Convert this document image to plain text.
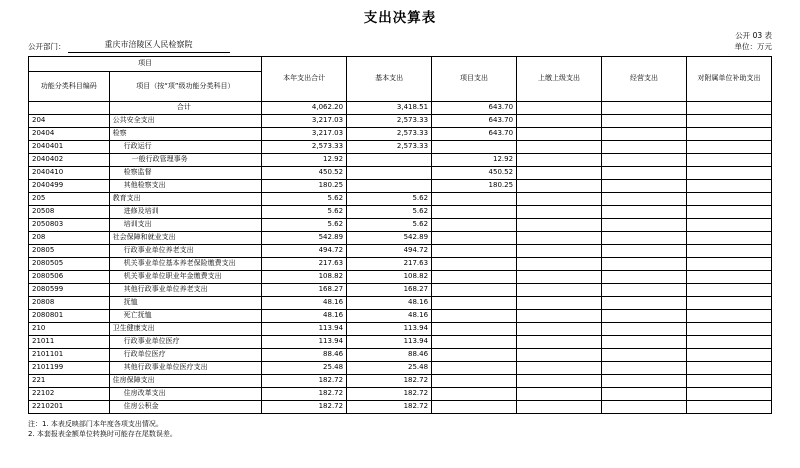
支出决算表
公开部门：	重庆市涪陵区人民检察院
公开 03 表
单位：万元
项目		本年支出合计	基本支出	项目支出	上缴上级支出	经营支出	对附属单位补助支出
功能分类科目编码	项目（按“项”级功能分类科目）						
	合计	4,062.20	3,418.51	643.70			
204	公共安全支出	3,217.03	2,573.33	643.70			
20404	检察	3,217.03	2,573.33	643.70			
2040401	行政运行	2,573.33	2,573.33				
2040402	一般行政管理事务	12.92		12.92			
2040410	检察监督	450.52		450.52			
2040499	其他检察支出	180.25		180.25			
205	教育支出	5.62	5.62				
20508	进修及培训	5.62	5.62				
2050803	培训支出	5.62	5.62				
208	社会保障和就业支出	542.89	542.89				
20805	行政事业单位养老支出	494.72	494.72				
2080505	机关事业单位基本养老保险缴费支出	217.63	217.63				
2080506	机关事业单位职业年金缴费支出	108.82	108.82				
2080599	其他行政事业单位养老支出	168.27	168.27				
20808	抚恤	48.16	48.16				
2080801	死亡抚恤	48.16	48.16				
210	卫生健康支出	113.94	113.94				
21011	行政事业单位医疗	113.94	113.94				
2101101	行政单位医疗	88.46	88.46				
2101199	其他行政事业单位医疗支出	25.48	25.48				
221	住房保障支出	182.72	182.72				
22102	住房改革支出	182.72	182.72				
2210201	住房公积金	182.72	182.72				
注：1. 本表反映部门本年度各项支出情况。
2. 本套报表金额单位转换时可能存在尾数误差。
